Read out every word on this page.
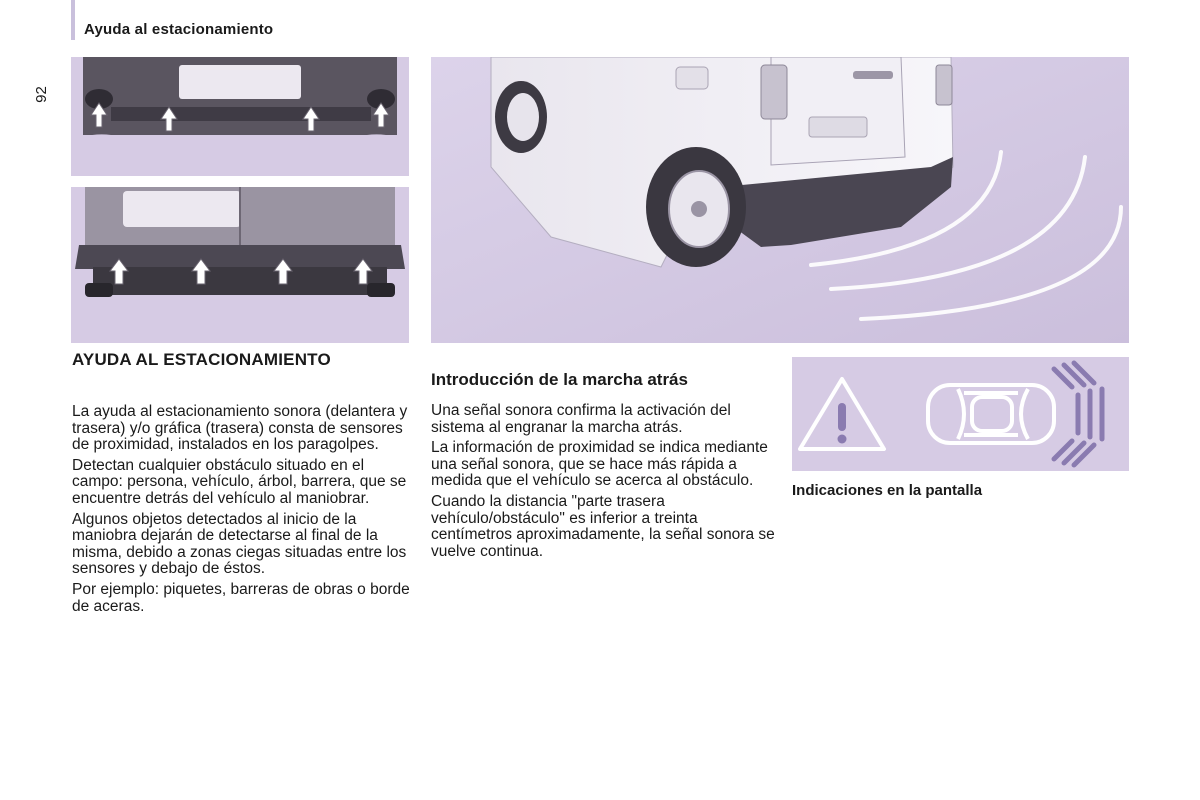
Ayuda al estacionamiento
92
AYUDA AL ESTACIONAMIENTO

La ayuda al estacionamiento sonora (delantera y trasera) y/o gráfica (trasera) consta de sensores de proximidad, instalados en los paragolpes.

Detectan cualquier obstáculo situado en el campo: persona, vehículo, árbol, barrera, que se encuentre detrás del vehículo al maniobrar.

Algunos objetos detectados al inicio de la maniobra dejarán de detectarse al final de la misma, debido a zonas ciegas situadas entre los sensores y debajo de éstos.

Por ejemplo: piquetes, barreras de obras o borde de aceras.

Introducción de la marcha atrás

Una señal sonora confirma la activación del sistema al engranar la marcha atrás.

La información de proximidad se indica mediante una señal sonora, que se hace más rápida a medida que el vehículo se acerca al obstáculo.

Cuando la distancia "parte trasera vehículo/obstáculo" es inferior a treinta centímetros aproximadamente, la señal sonora se vuelve continua.

Indicaciones en la pantalla
